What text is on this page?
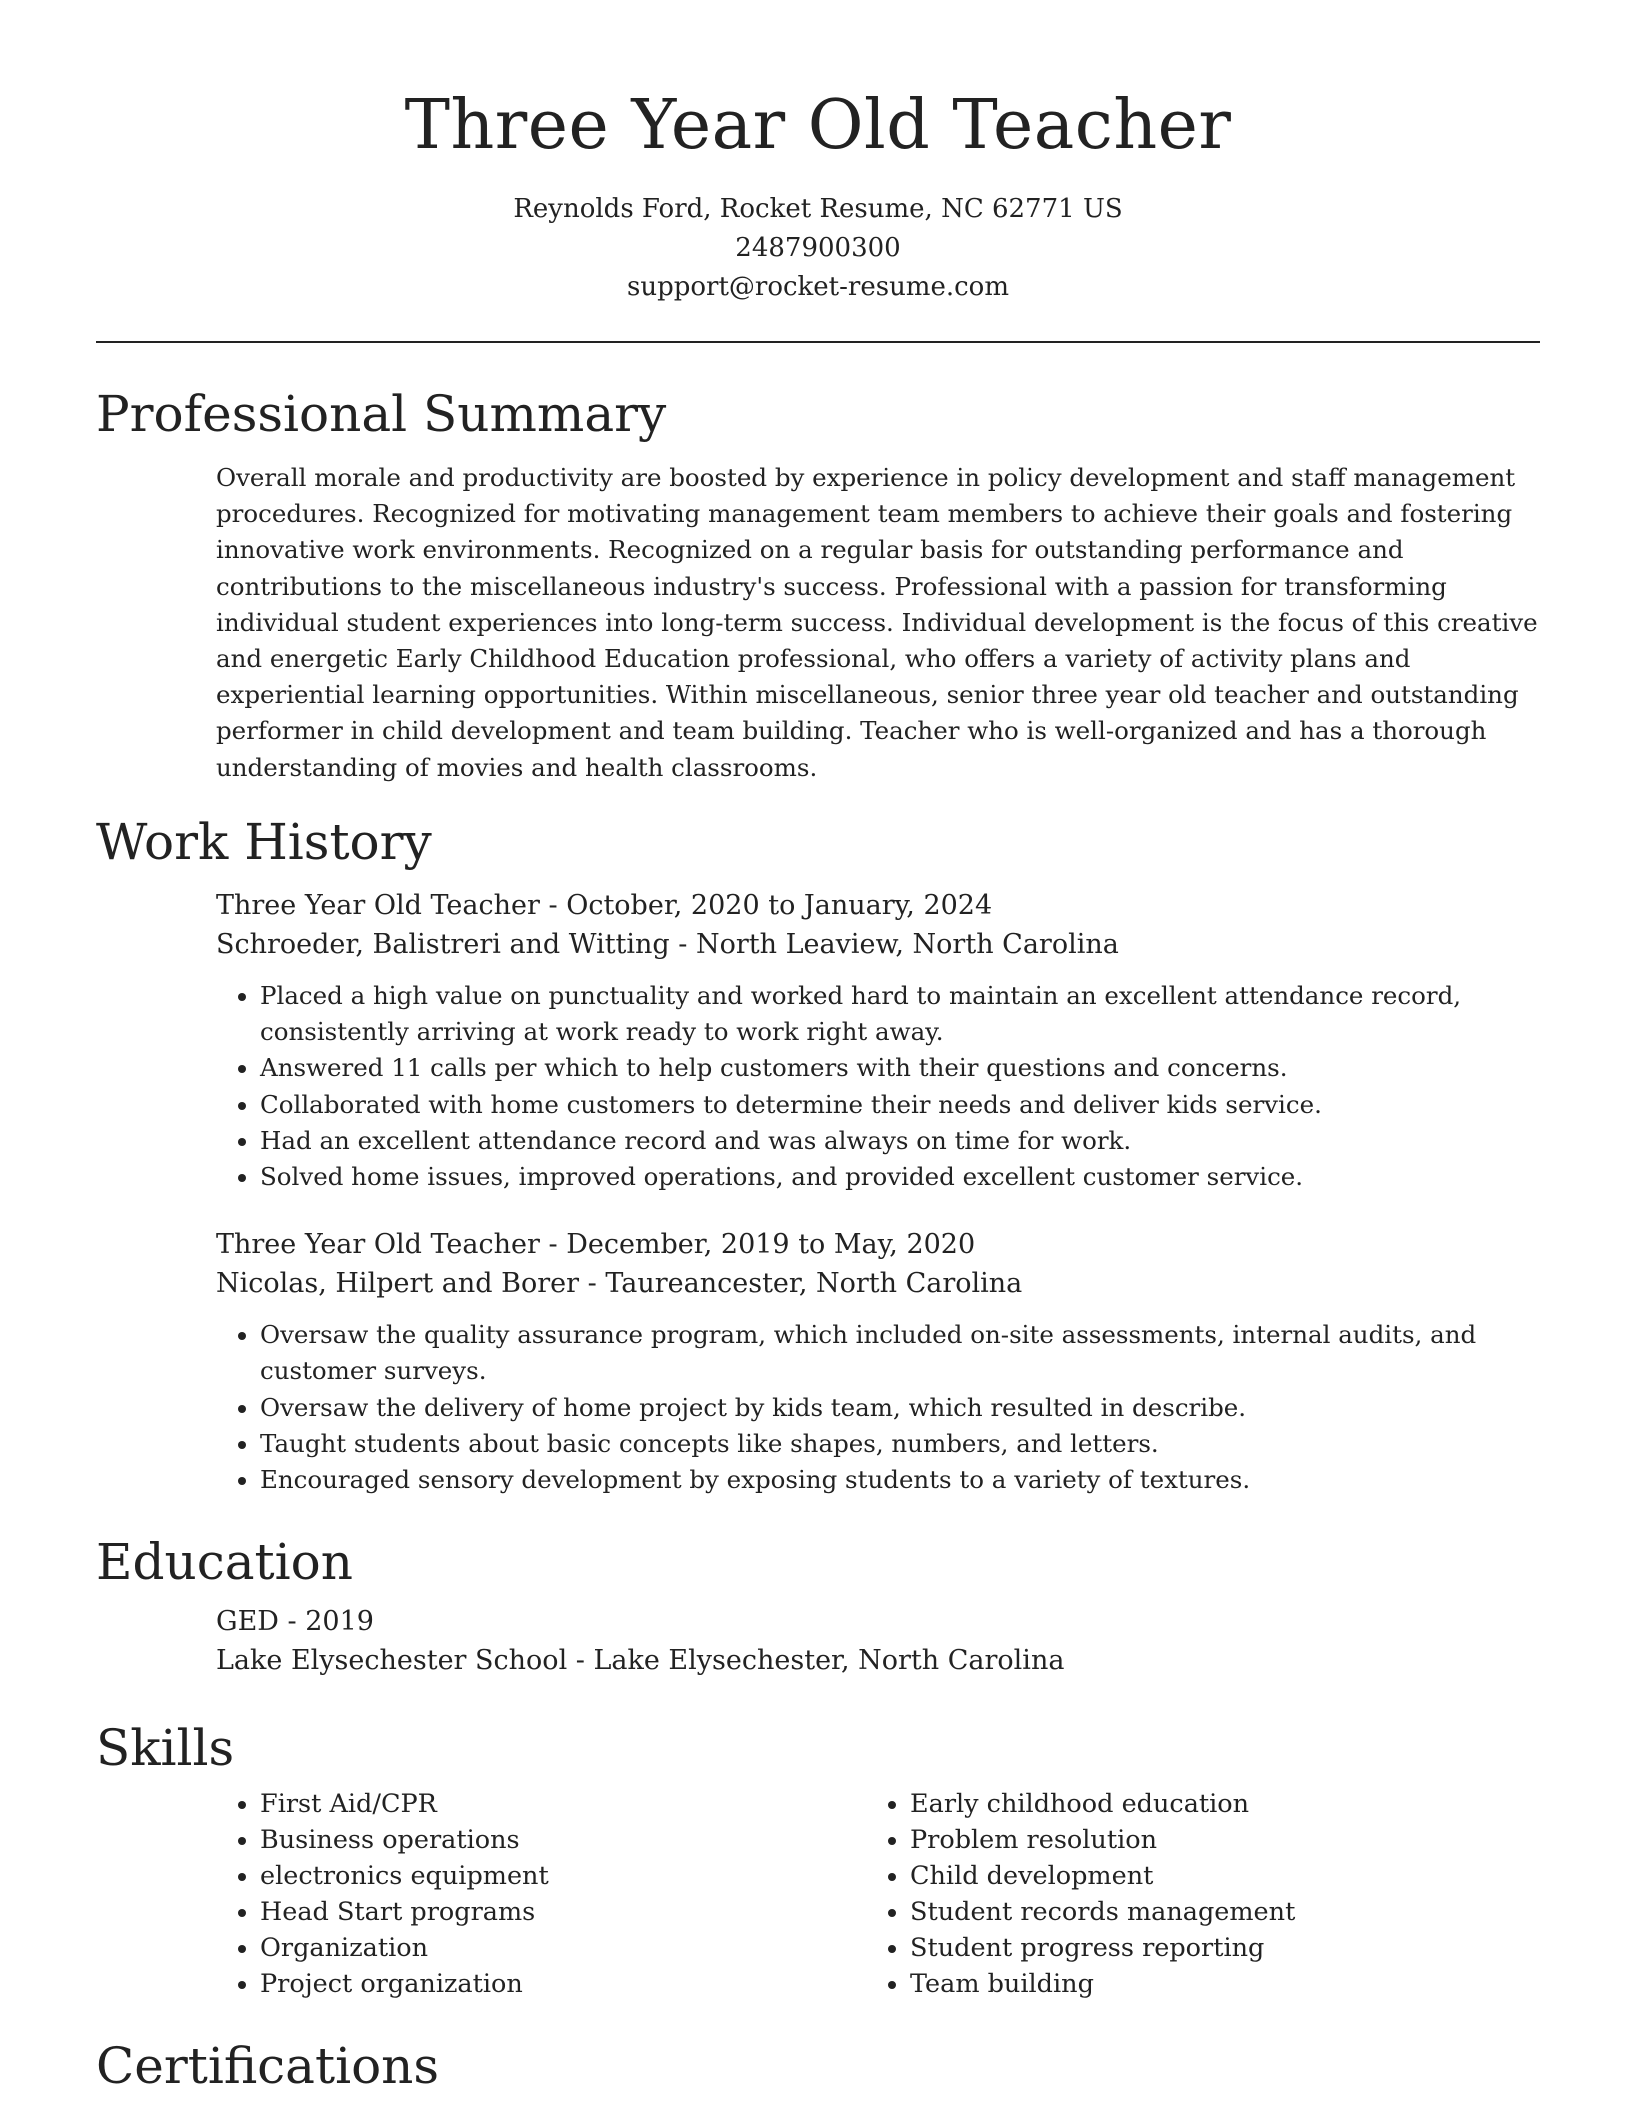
Three Year Old Teacher
Reynolds Ford, Rocket Resume, NC 62771 US
2487900300
support@rocket-resume.com
Professional Summary

Overall morale and productivity are boosted by experience in policy development and staff management procedures. Recognized for motivating management team members to achieve their goals and fostering innovative work environments. Recognized on a regular basis for outstanding performance and contributions to the miscellaneous industry's success. Professional with a passion for transforming individual student experiences into long-term success. Individual development is the focus of this creative and energetic Early Childhood Education professional, who offers a variety of activity plans and experiential learning opportunities. Within miscellaneous, senior three year old teacher and outstanding performer in child development and team building. Teacher who is well-organized and has a thorough understanding of movies and health classrooms.

Work History

Three Year Old Teacher - October, 2020 to January, 2024

Schroeder, Balistreri and Witting - North Leaview, North Carolina

• Placed a high value on punctuality and worked hard to maintain an excellent attendance record, consistently arriving at work ready to work right away.
• Answered 11 calls per which to help customers with their questions and concerns.
• Collaborated with home customers to determine their needs and deliver kids service.
• Had an excellent attendance record and was always on time for work.
• Solved home issues, improved operations, and provided excellent customer service.

Three Year Old Teacher - December, 2019 to May, 2020

Nicolas, Hilpert and Borer - Taureancester, North Carolina

• Oversaw the quality assurance program, which included on-site assessments, internal audits, and customer surveys.
• Oversaw the delivery of home project by kids team, which resulted in describe.
• Taught students about basic concepts like shapes, numbers, and letters.
• Encouraged sensory development by exposing students to a variety of textures.
Education

GED - 2019

Lake Elysechester School - Lake Elysechester, North Carolina

Skills
• First Aid/CPR
• Business operations
• electronics equipment
• Head Start programs
• Organization
• Project organization
• Early childhood education
• Problem resolution
• Child development
• Student records management
• Student progress reporting
• Team building
Certifications
